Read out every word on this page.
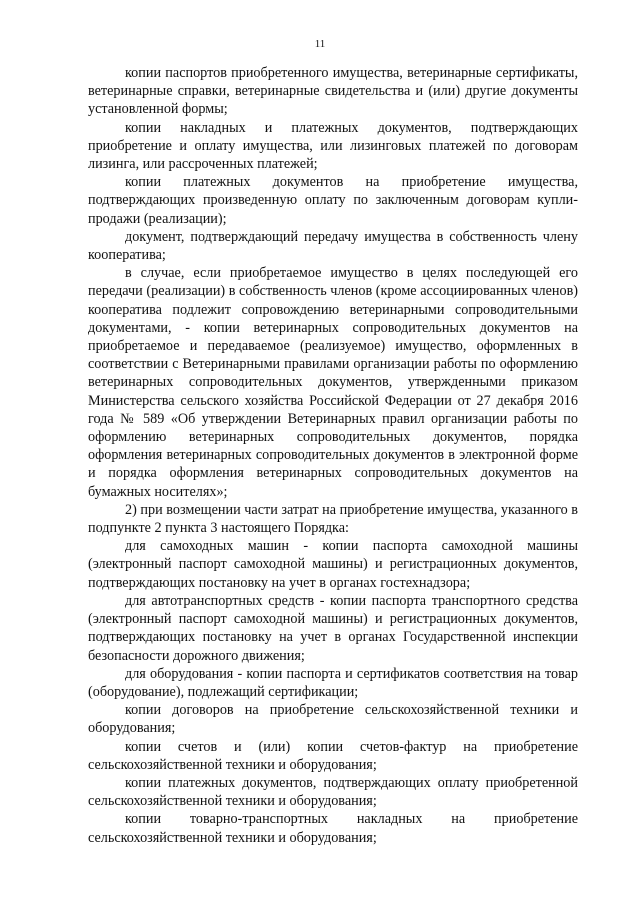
11

копии паспортов приобретенного имущества, ветеринарные сертификаты, ветеринарные справки, ветеринарные свидетельства и (или) другие документы установленной формы;

копии накладных и платежных документов, подтверждающих приобретение и оплату имущества, или лизинговых платежей по договорам лизинга, или рассроченных платежей;

копии платежных документов на приобретение имущества, подтверждающих произведенную оплату по заключенным договорам купли-продажи (реализации);

документ, подтверждающий передачу имущества в собственность члену кооператива;

в случае, если приобретаемое имущество в целях последующей его передачи (реализации) в собственность членов (кроме ассоциированных членов) кооператива подлежит сопровождению ветеринарными сопроводительными документами, - копии ветеринарных сопроводительных документов на приобретаемое и передаваемое (реализуемое) имущество, оформленных в соответствии с Ветеринарными правилами организации работы по оформлению ветеринарных сопроводительных документов, утвержденными приказом Министерства сельского хозяйства Российской Федерации от 27 декабря 2016 года № 589 «Об утверждении Ветеринарных правил организации работы по оформлению ветеринарных сопроводительных документов, порядка оформления ветеринарных сопроводительных документов в электронной форме и порядка оформления ветеринарных сопроводительных документов на бумажных носителях»;

2) при возмещении части затрат на приобретение имущества, указанного в подпункте 2 пункта 3 настоящего Порядка:

для самоходных машин - копии паспорта самоходной машины (электронный паспорт самоходной машины) и регистрационных документов, подтверждающих постановку на учет в органах гостехнадзора;

для автотранспортных средств - копии паспорта транспортного средства (электронный паспорт самоходной машины) и регистрационных документов, подтверждающих постановку на учет в органах Государственной инспекции безопасности дорожного движения;

для оборудования - копии паспорта и сертификатов соответствия на товар (оборудование), подлежащий сертификации;

копии договоров на приобретение сельскохозяйственной техники и оборудования;

копии счетов и (или) копии счетов-фактур на приобретение сельскохозяйственной техники и оборудования;

копии платежных документов, подтверждающих оплату приобретенной сельскохозяйственной техники и оборудования;

копии товарно-транспортных накладных на приобретение сельскохозяйственной техники и оборудования;
